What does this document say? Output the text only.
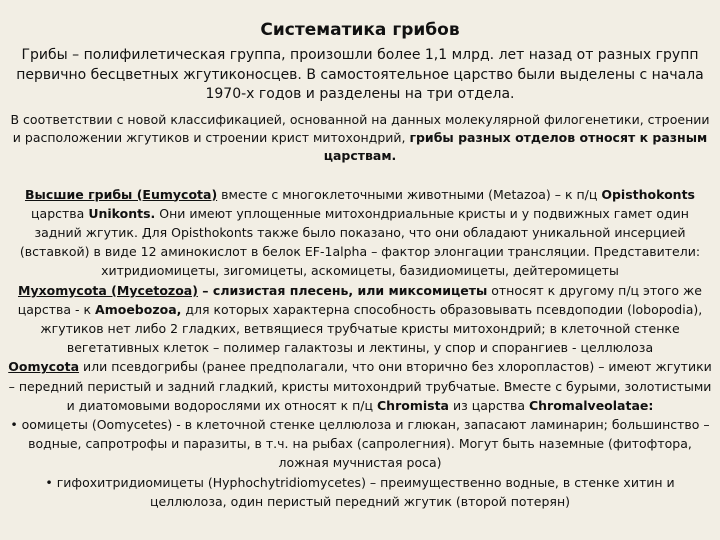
Систематика грибов

Грибы – полифилетическая группа, произошли более 1,1 млрд. лет назад от разных групп первично бесцветных жгутиконосцев. В самостоятельное царство были выделены с начала 1970-х годов и разделены на три отдела.

В соответствии с новой классификацией, основанной на данных молекулярной филогенетики, строении и расположении жгутиков и строении крист митохондрий, грибы разных отделов относят к разным царствам.

Высшие грибы (Eumycota) вместе с многоклеточными животными (Metazoa) – к п/ц Opisthokonts царства Unikonts. Они имеют уплощенные митохондриальные кристы и у подвижных гамет один задний жгутик. Для Opisthokonts также было показано, что они обладают уникальной инсерцией (вставкой) в виде 12 аминокислот в белок EF-1alpha – фактор элонгации трансляции. Представители: хитридиомицеты, зигомицеты, аскомицеты, базидиомицеты, дейтеромицеты
Myxomycota (Mycetozoa) – слизистая плесень, или миксомицеты относят к другому п/ц этого же царства - к Amoebozoa, для которых характерна способность образовывать псевдоподии (lobopodia), жгутиков нет либо 2 гладких, ветвящиеся трубчатые кристы митохондрий; в клеточной стенке вегетативных клеток – полимер галактозы и лектины, у спор и спорангиев - целлюлоза
Oomycota или псевдогрибы (ранее предполагали, что они вторично без хлоропластов) – имеют жгутики – передний перистый и задний гладкий, кристы митохондрий трубчатые. Вместе с бурыми, золотистыми и диатомовыми водорослями их относят к п/ц Chromista из царства Chromalveolatae:
• оомицеты (Oomycetes) - в клеточной стенке целлюлоза и глюкан, запасают ламинарин; большинство – водные, сапротрофы и паразиты, в т.ч. на рыбах (сапролегния). Могут быть наземные (фитофтора, ложная мучнистая роса)
• гифохитридиомицеты (Hyphochytridiomycetes) – преимущественно водные, в стенке хитин и целлюлоза, один перистый передний жгутик (второй потерян)
